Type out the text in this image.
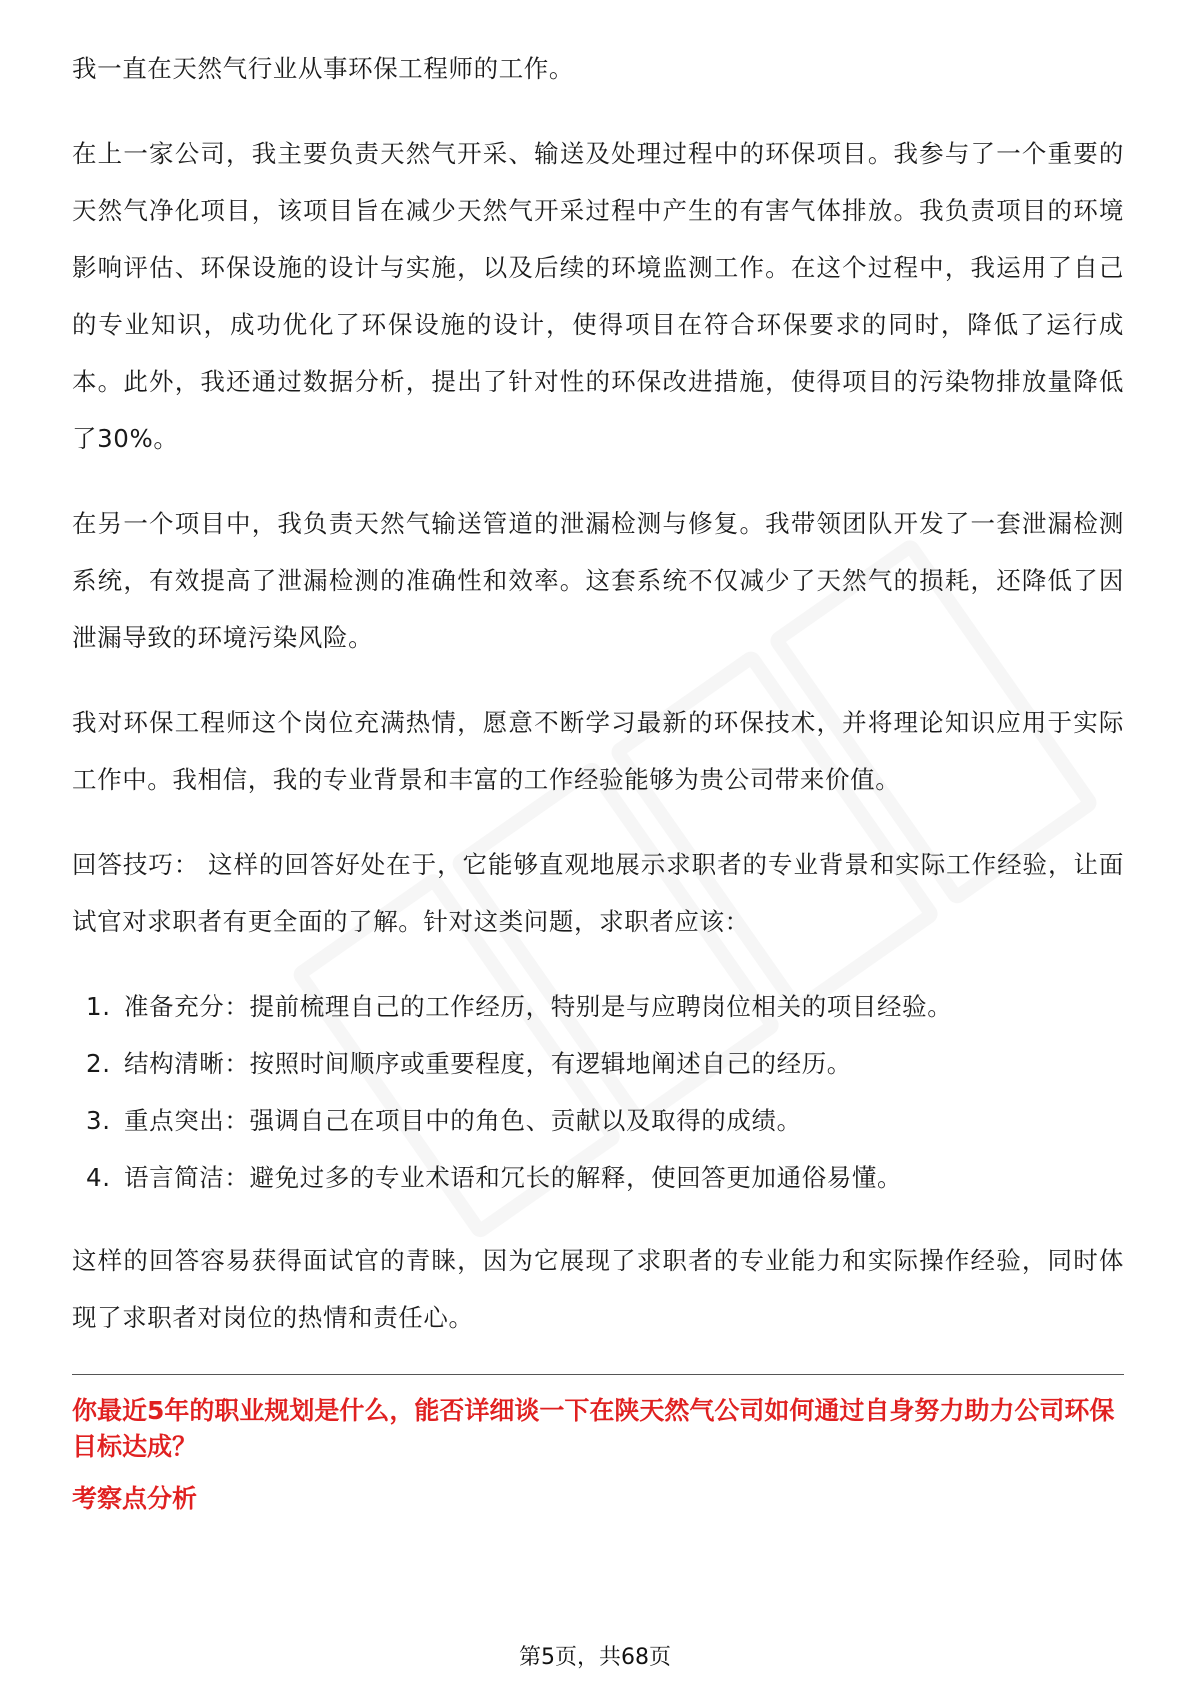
我一直在天然气行业从事环保工程师的工作。

在上一家公司，我主要负责天然气开采、输送及处理过程中的环保项目。我参与了一个重要的天然气净化项目，该项目旨在减少天然气开采过程中产生的有害气体排放。我负责项目的环境影响评估、环保设施的设计与实施，以及后续的环境监测工作。在这个过程中，我运用了自己的专业知识，成功优化了环保设施的设计，使得项目在符合环保要求的同时，降低了运行成本。此外，我还通过数据分析，提出了针对性的环保改进措施，使得项目的污染物排放量降低了30%。

在另一个项目中，我负责天然气输送管道的泄漏检测与修复。我带领团队开发了一套泄漏检测系统，有效提高了泄漏检测的准确性和效率。这套系统不仅减少了天然气的损耗，还降低了因泄漏导致的环境污染风险。

我对环保工程师这个岗位充满热情，愿意不断学习最新的环保技术，并将理论知识应用于实际工作中。我相信，我的专业背景和丰富的工作经验能够为贵公司带来价值。

回答技巧： 这样的回答好处在于，它能够直观地展示求职者的专业背景和实际工作经验，让面试官对求职者有更全面的了解。针对这类问题，求职者应该：

1. 准备充分：提前梳理自己的工作经历，特别是与应聘岗位相关的项目经验。
2. 结构清晰：按照时间顺序或重要程度，有逻辑地阐述自己的经历。
3. 重点突出：强调自己在项目中的角色、贡献以及取得的成绩。
4. 语言简洁：避免过多的专业术语和冗长的解释，使回答更加通俗易懂。

这样的回答容易获得面试官的青睐，因为它展现了求职者的专业能力和实际操作经验，同时体现了求职者对岗位的热情和责任心。

你最近5年的职业规划是什么，能否详细谈一下在陕天然气公司如何通过自身努力助力公司环保目标达成？
考察点分析
第5页，共68页
